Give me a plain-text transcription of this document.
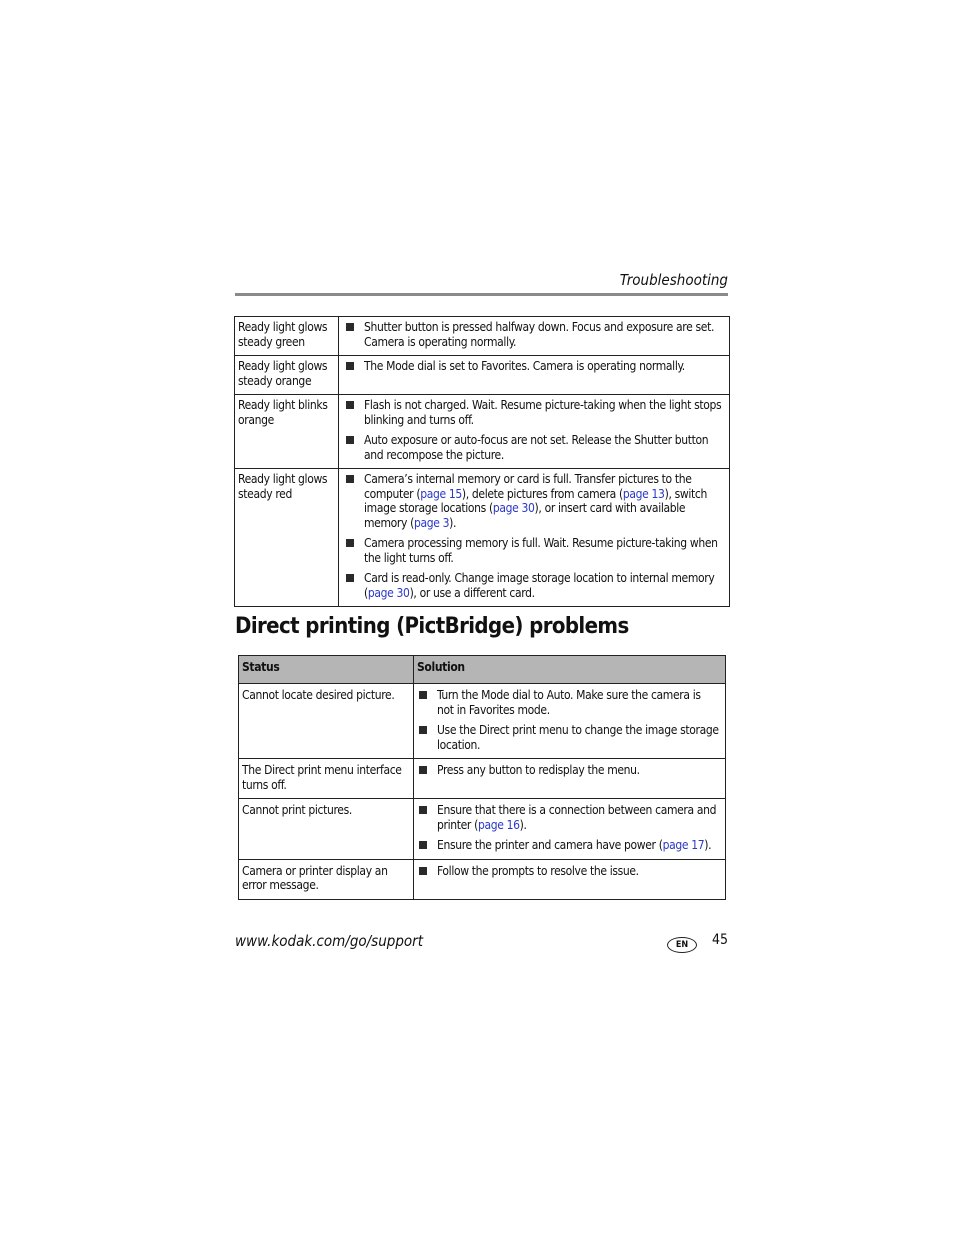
Troubleshooting
Ready light glows steady green	Shutter button is pressed halfway down. Focus and exposure are set. Camera is operating normally.

Ready light glows steady orange	The Mode dial is set to Favorites. Camera is operating normally.

Ready light blinks orange	Flash is not charged. Wait. Resume picture-taking when the light stops blinking and turns off.
Auto exposure or auto-focus are not set. Release the Shutter button and recompose the picture.

Ready light glows steady red	Camera’s internal memory or card is full. Transfer pictures to the computer (page 15), delete pictures from camera (page 13), switch image storage locations (page 30), or insert card with available memory (page 3).
Camera processing memory is full. Wait. Resume picture-taking when the light turns off.
Card is read-only. Change image storage location to internal memory (page 30), or use a different card.
Direct printing (PictBridge) problems
Status	Solution
Cannot locate desired picture.	Turn the Mode dial to Auto. Make sure the camera is not in Favorites mode.
Use the Direct print menu to change the image storage location.

The Direct print menu interface turns off.	Press any button to redisplay the menu.

Cannot print pictures.	Ensure that there is a connection between camera and printer (page 16).
Ensure the printer and camera have power (page 17).

Camera or printer display an error message.	Follow the prompts to resolve the issue.
www.kodak.com/go/support	EN	45
